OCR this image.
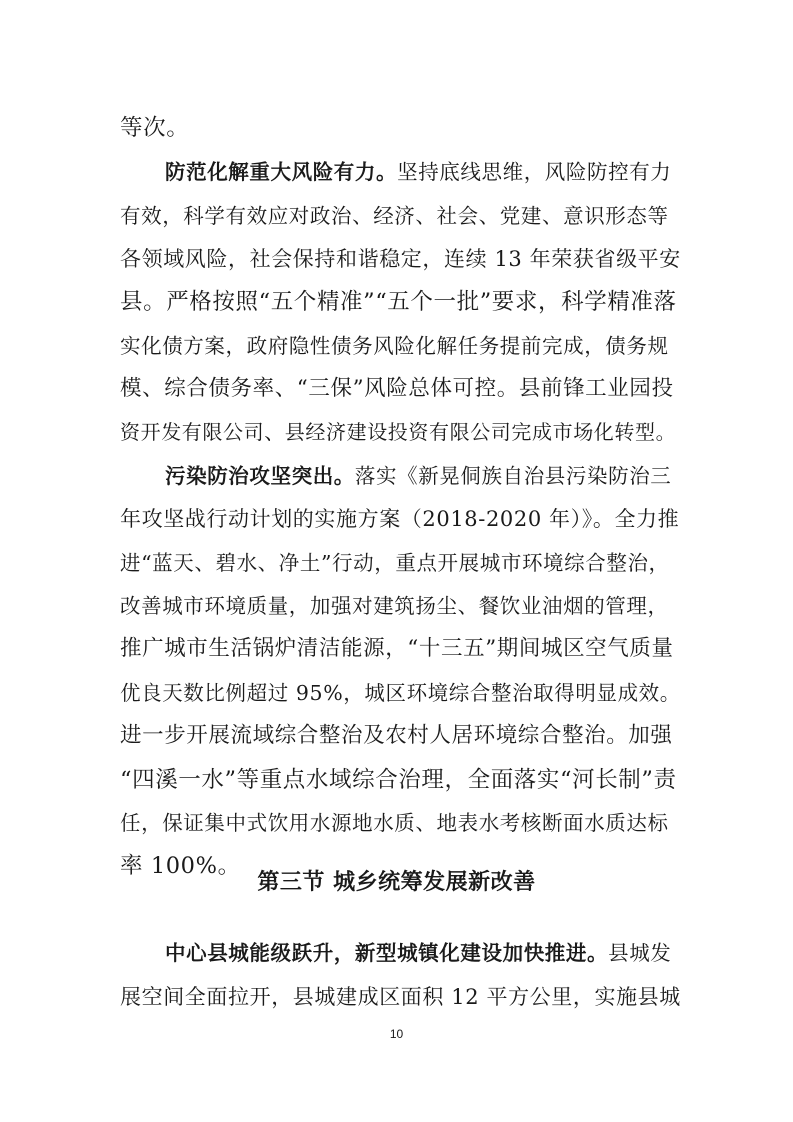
等次。
防范化解重大风险有力。坚持底线思维，风险防控有力
有效，科学有效应对政治、经济、社会、党建、意识形态等
各领域风险，社会保持和谐稳定，连续 13 年荣获省级平安
县。严格按照“五个精准”“五个一批”要求，科学精准落
实化债方案，政府隐性债务风险化解任务提前完成，债务规
模、综合债务率、“三保”风险总体可控。县前锋工业园投
资开发有限公司、县经济建设投资有限公司完成市场化转型。
污染防治攻坚突出。落实《新晃侗族自治县污染防治三
年攻坚战行动计划的实施方案（2018-2020 年）》。全力推
进“蓝天、碧水、净土”行动，重点开展城市环境综合整治，
改善城市环境质量，加强对建筑扬尘、餐饮业油烟的管理，
推广城市生活锅炉清洁能源，“十三五”期间城区空气质量
优良天数比例超过 95%，城区环境综合整治取得明显成效。
进一步开展流域综合整治及农村人居环境综合整治。加强
“四溪一水”等重点水域综合治理，全面落实“河长制”责
任，保证集中式饮用水源地水质、地表水考核断面水质达标
率 100%。
第三节 城乡统筹发展新改善
中心县城能级跃升，新型城镇化建设加快推进。县城发
展空间全面拉开，县城建成区面积 12 平方公里，实施县城
10
